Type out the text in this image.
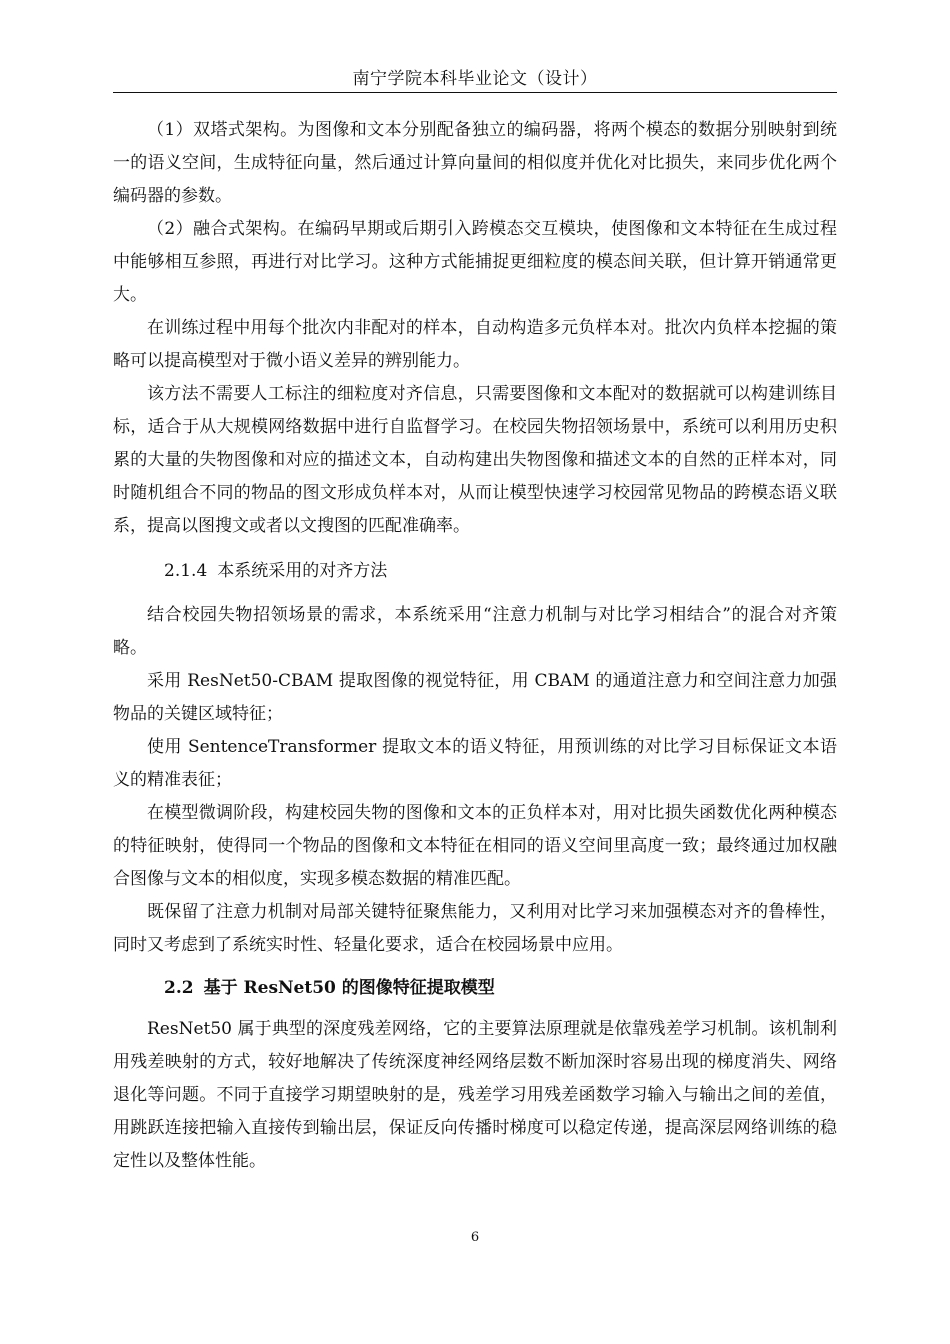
南宁学院本科毕业论文（设计）

（1）双塔式架构。为图像和文本分别配备独立的编码器，将两个模态的数据分别映射到统一的语义空间，生成特征向量，然后通过计算向量间的相似度并优化对比损失，来同步优化两个编码器的参数。

（2）融合式架构。在编码早期或后期引入跨模态交互模块，使图像和文本特征在生成过程中能够相互参照，再进行对比学习。这种方式能捕捉更细粒度的模态间关联，但计算开销通常更大。

在训练过程中用每个批次内非配对的样本，自动构造多元负样本对。批次内负样本挖掘的策略可以提高模型对于微小语义差异的辨别能力。

该方法不需要人工标注的细粒度对齐信息，只需要图像和文本配对的数据就可以构建训练目标，适合于从大规模网络数据中进行自监督学习。在校园失物招领场景中，系统可以利用历史积累的大量的失物图像和对应的描述文本，自动构建出失物图像和描述文本的自然的正样本对，同时随机组合不同的物品的图文形成负样本对，从而让模型快速学习校园常见物品的跨模态语义联系，提高以图搜文或者以文搜图的匹配准确率。

2.1.4 本系统采用的对齐方法

结合校园失物招领场景的需求，本系统采用“注意力机制与对比学习相结合”的混合对齐策略。

采用 ResNet50-CBAM 提取图像的视觉特征，用 CBAM 的通道注意力和空间注意力加强物品的关键区域特征；

使用 SentenceTransformer 提取文本的语义特征，用预训练的对比学习目标保证文本语义的精准表征；

在模型微调阶段，构建校园失物的图像和文本的正负样本对，用对比损失函数优化两种模态的特征映射，使得同一个物品的图像和文本特征在相同的语义空间里高度一致；最终通过加权融合图像与文本的相似度，实现多模态数据的精准匹配。

既保留了注意力机制对局部关键特征聚焦能力，又利用对比学习来加强模态对齐的鲁棒性，同时又考虑到了系统实时性、轻量化要求，适合在校园场景中应用。

2.2 基于 ResNet50 的图像特征提取模型

ResNet50 属于典型的深度残差网络，它的主要算法原理就是依靠残差学习机制。该机制利用残差映射的方式，较好地解决了传统深度神经网络层数不断加深时容易出现的梯度消失、网络退化等问题。不同于直接学习期望映射的是，残差学习用残差函数学习输入与输出之间的差值，用跳跃连接把输入直接传到输出层，保证反向传播时梯度可以稳定传递，提高深层网络训练的稳定性以及整体性能。

6
